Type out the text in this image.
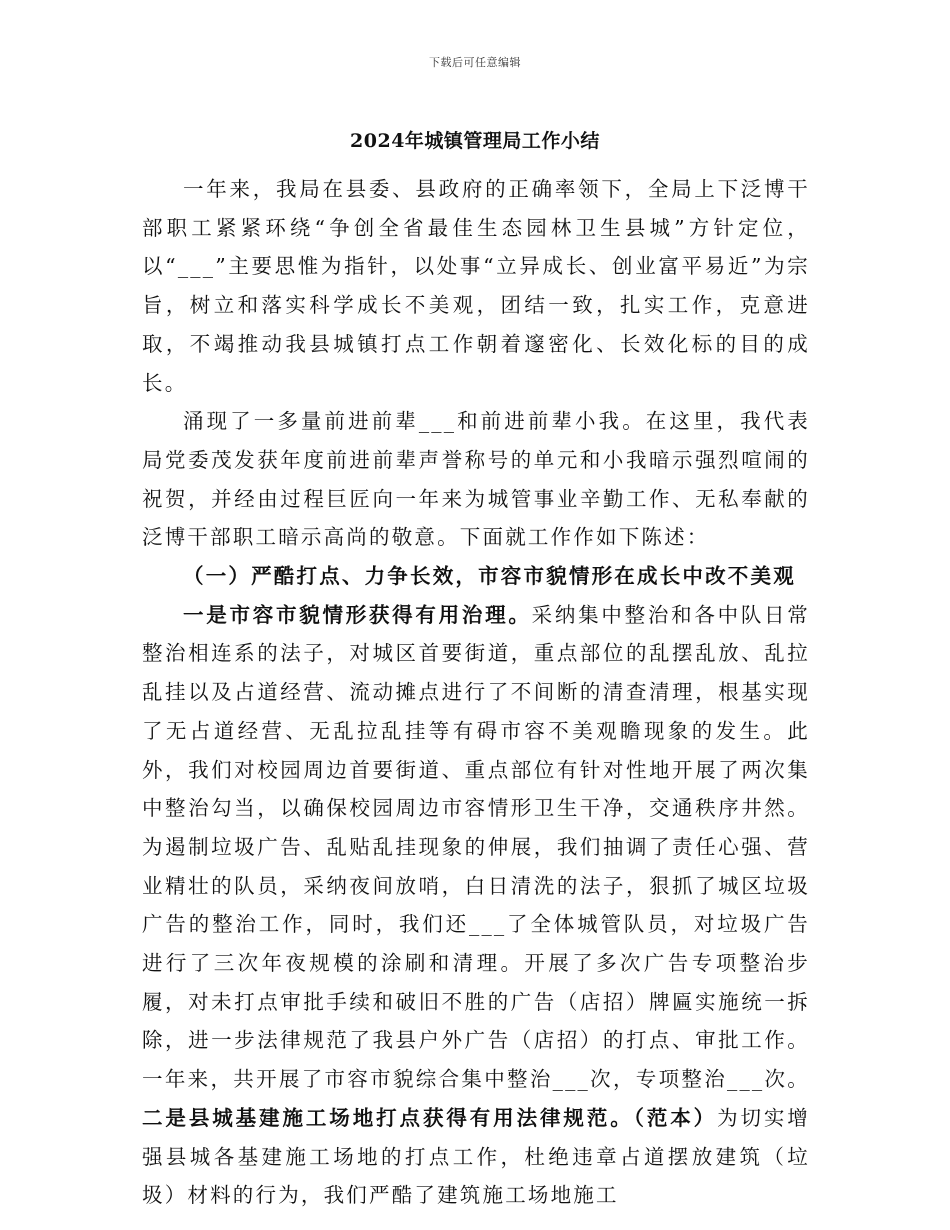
下载后可任意编辑
2024年城镇管理局工作小结

一年来，我局在县委、县政府的正确率领下，全局上下泛博干部职工紧紧环绕“争创全省最佳生态园林卫生县城”方针定位，以“___”主要思惟为指针，以处事“立异成长、创业富平易近”为宗旨，树立和落实科学成长不美观，团结一致，扎实工作，克意进取，不竭推动我县城镇打点工作朝着邃密化、长效化标的目的成长。

涌现了一多量前进前辈___和前进前辈小我。在这里，我代表局党委茂发获年度前进前辈声誉称号的单元和小我暗示强烈喧闹的祝贺，并经由过程巨匠向一年来为城管事业辛勤工作、无私奉献的泛博干部职工暗示高尚的敬意。下面就工作作如下陈述：

（一）严酷打点、力争长效，市容市貌情形在成长中改不美观

一是市容市貌情形获得有用治理。采纳集中整治和各中队日常整治相连系的法子，对城区首要街道，重点部位的乱摆乱放、乱拉乱挂以及占道经营、流动摊点进行了不间断的清查清理，根基实现了无占道经营、无乱拉乱挂等有碍市容不美观瞻现象的发生。此外，我们对校园周边首要街道、重点部位有针对性地开展了两次集中整治勾当，以确保校园周边市容情形卫生干净，交通秩序井然。为遏制垃圾广告、乱贴乱挂现象的伸展，我们抽调了责任心强、营业精壮的队员，采纳夜间放哨，白日清洗的法子，狠抓了城区垃圾广告的整治工作，同时，我们还___了全体城管队员，对垃圾广告进行了三次年夜规模的涂刷和清理。开展了多次广告专项整治步履，对未打点审批手续和破旧不胜的广告（店招）牌匾实施统一拆除，进一步法律规范了我县户外广告（店招）的打点、审批工作。一年来，共开展了市容市貌综合集中整治___次，专项整治___次。二是县城基建施工场地打点获得有用法律规范。（范本）为切实增强县城各基建施工场地的打点工作，杜绝违章占道摆放建筑（垃圾）材料的行为，我们严酷了建筑施工场地施工
